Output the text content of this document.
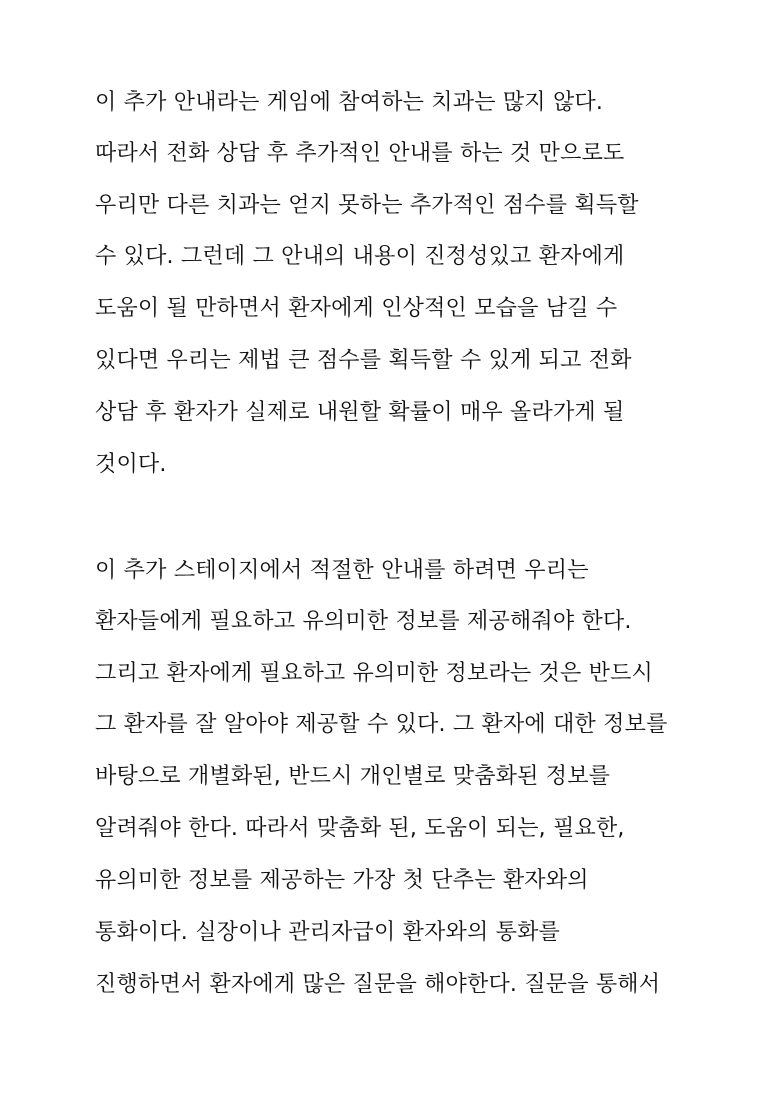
이 추가 안내라는 게임에 참여하는 치과는 많지 않다.
따라서 전화 상담 후 추가적인 안내를 하는 것 만으로도
우리만 다른 치과는 얻지 못하는 추가적인 점수를 획득할
수 있다. 그런데 그 안내의 내용이 진정성있고 환자에게
도움이 될 만하면서 환자에게 인상적인 모습을 남길 수
있다면 우리는 제법 큰 점수를 획득할 수 있게 되고 전화
상담 후 환자가 실제로 내원할 확률이 매우 올라가게 될
것이다.
이 추가 스테이지에서 적절한 안내를 하려면 우리는
환자들에게 필요하고 유의미한 정보를 제공해줘야 한다.
그리고 환자에게 필요하고 유의미한 정보라는 것은 반드시
그 환자를 잘 알아야 제공할 수 있다. 그 환자에 대한 정보를
바탕으로 개별화된, 반드시 개인별로 맞춤화된 정보를
알려줘야 한다. 따라서 맞춤화 된, 도움이 되는, 필요한,
유의미한 정보를 제공하는 가장 첫 단추는 환자와의
통화이다. 실장이나 관리자급이 환자와의 통화를
진행하면서 환자에게 많은 질문을 해야한다. 질문을 통해서
